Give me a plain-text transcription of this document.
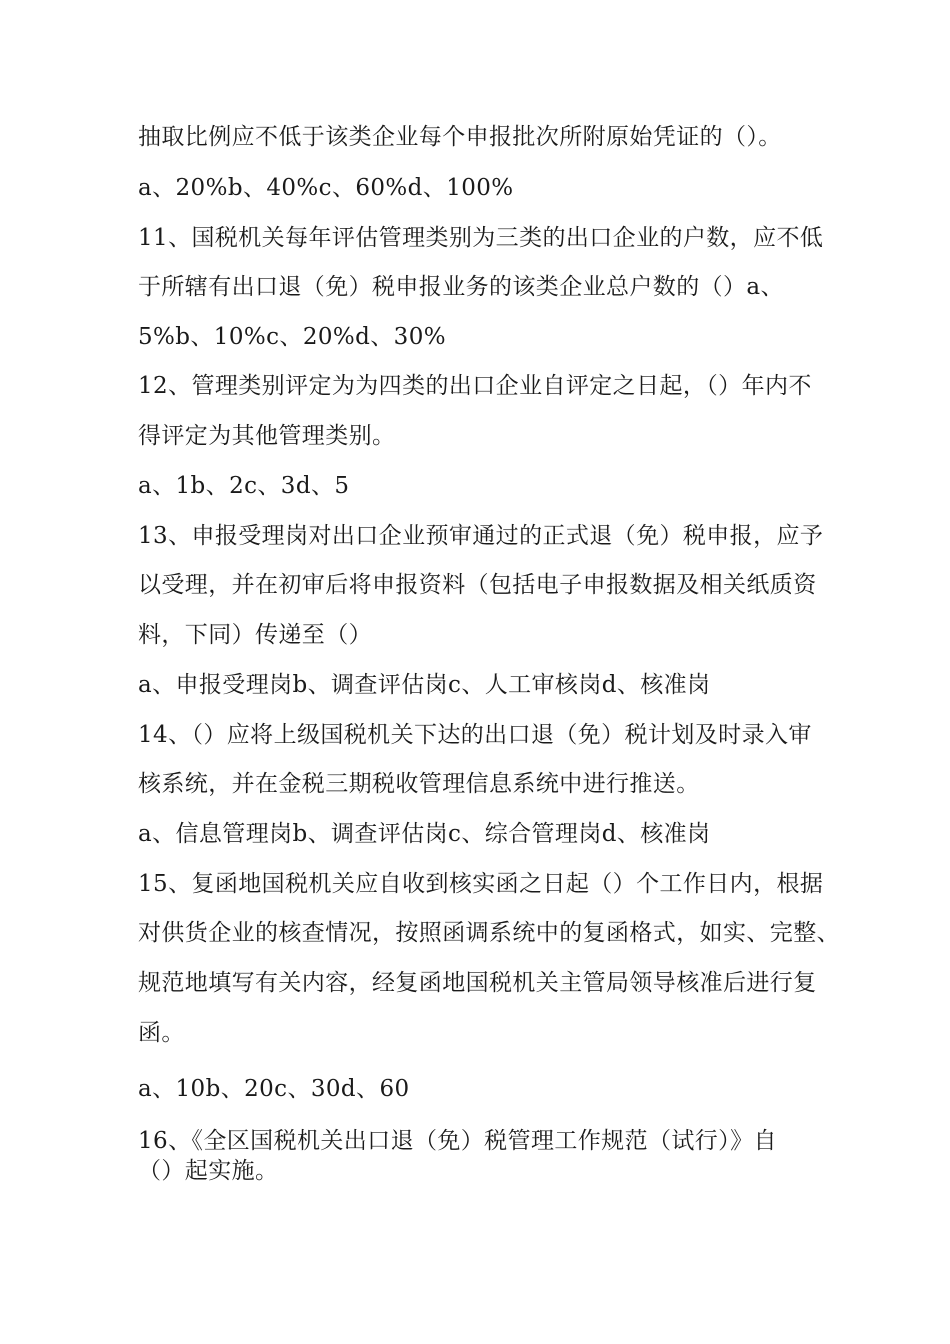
抽取比例应不低于该类企业每个申报批次所附原始凭证的（）。
a、20%b、40%c、60%d、100%
11、国税机关每年评估管理类别为三类的出口企业的户数，应不低
于所辖有出口退（免）税申报业务的该类企业总户数的（）a、
5%b、10%c、20%d、30%
12、管理类别评定为为四类的出口企业自评定之日起，（）年内不
得评定为其他管理类别。
a、1b、2c、3d、5
13、申报受理岗对出口企业预审通过的正式退（免）税申报，应予
以受理，并在初审后将申报资料（包括电子申报数据及相关纸质资
料，下同）传递至（）
a、申报受理岗b、调查评估岗c、人工审核岗d、核准岗
14、（）应将上级国税机关下达的出口退（免）税计划及时录入审
核系统，并在金税三期税收管理信息系统中进行推送。
a、信息管理岗b、调查评估岗c、综合管理岗d、核准岗
15、复函地国税机关应自收到核实函之日起（）个工作日内，根据
对供货企业的核查情况，按照函调系统中的复函格式，如实、完整、
规范地填写有关内容，经复函地国税机关主管局领导核准后进行复
函。
a、10b、20c、30d、60
16、《全区国税机关出口退（免）税管理工作规范（试行）》自
（）起实施。
